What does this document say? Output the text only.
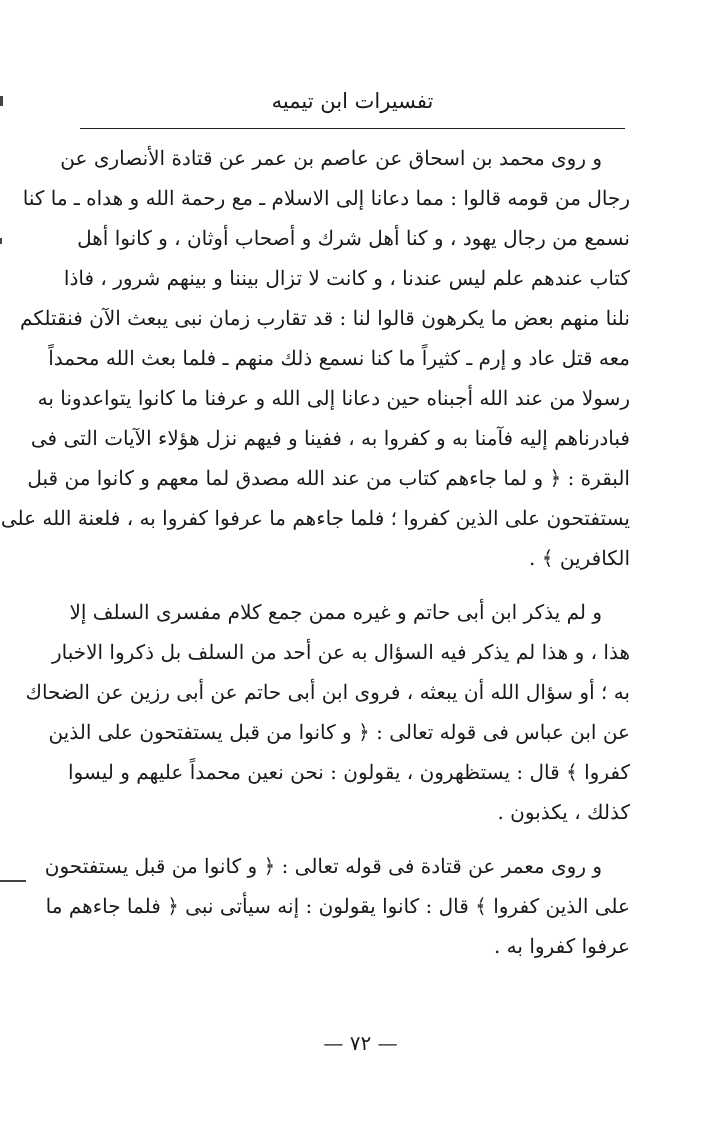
تفسيرات ابن تيميه
و روى محمد بن اسحاق عن عاصم بن عمر عن قتادة الأنصارى عن
رجال من قومه قالوا : مما دعانا إلى الاسلام ـ مع رحمة الله و هداه ـ ما كنا
نسمع من رجال يهود ، و كنا أهل شرك و أصحاب أوثان ، و كانوا أهل
كتاب عندهم علم ليس عندنا ، و كانت لا تزال بيننا و بينهم شرور ، فاذا
نلنا منهم بعض ما يكرهون قالوا لنا : قد تقارب زمان نبى يبعث الآن فنقتلكم
معه قتل عاد و إرم ـ كثيراً ما كنا نسمع ذلك منهم ـ فلما بعث الله محمداً
رسولا من عند الله أجبناه حين دعانا إلى الله و عرفنا ما كانوا يتواعدونا به
فبادرناهم إليه فآمنا به و كفروا به ، ففينا و فيهم نزل هؤلاء الآيات التى فى
البقرة : ﴿ و لما جاءهم كتاب من عند الله مصدق لما معهم و كانوا من قبل
يستفتحون على الذين كفروا ؛ فلما جاءهم ما عرفوا كفروا به ، فلعنة الله على
الكافرين ﴾ .
و لم يذكر ابن أبى حاتم و غيره ممن جمع كلام مفسرى السلف إلا
هذا ، و هذا لم يذكر فيه السؤال به عن أحد من السلف بل ذكروا الاخبار
به ؛ أو سؤال الله أن يبعثه ، فروى ابن أبى حاتم عن أبى رزين عن الضحاك
عن ابن عباس فى قوله تعالى : ﴿ و كانوا من قبل يستفتحون على الذين
كفروا ﴾ قال : يستظهرون ، يقولون : نحن نعين محمداً عليهم و ليسوا
كذلك ، يكذبون .
و روى معمر عن قتادة فى قوله تعالى : ﴿ و كانوا من قبل يستفتحون
على الذين كفروا ﴾ قال : كانوا يقولون : إنه سيأتى نبى ﴿ فلما جاءهم ما
عرفوا كفروا به .
— ٧٢ —
